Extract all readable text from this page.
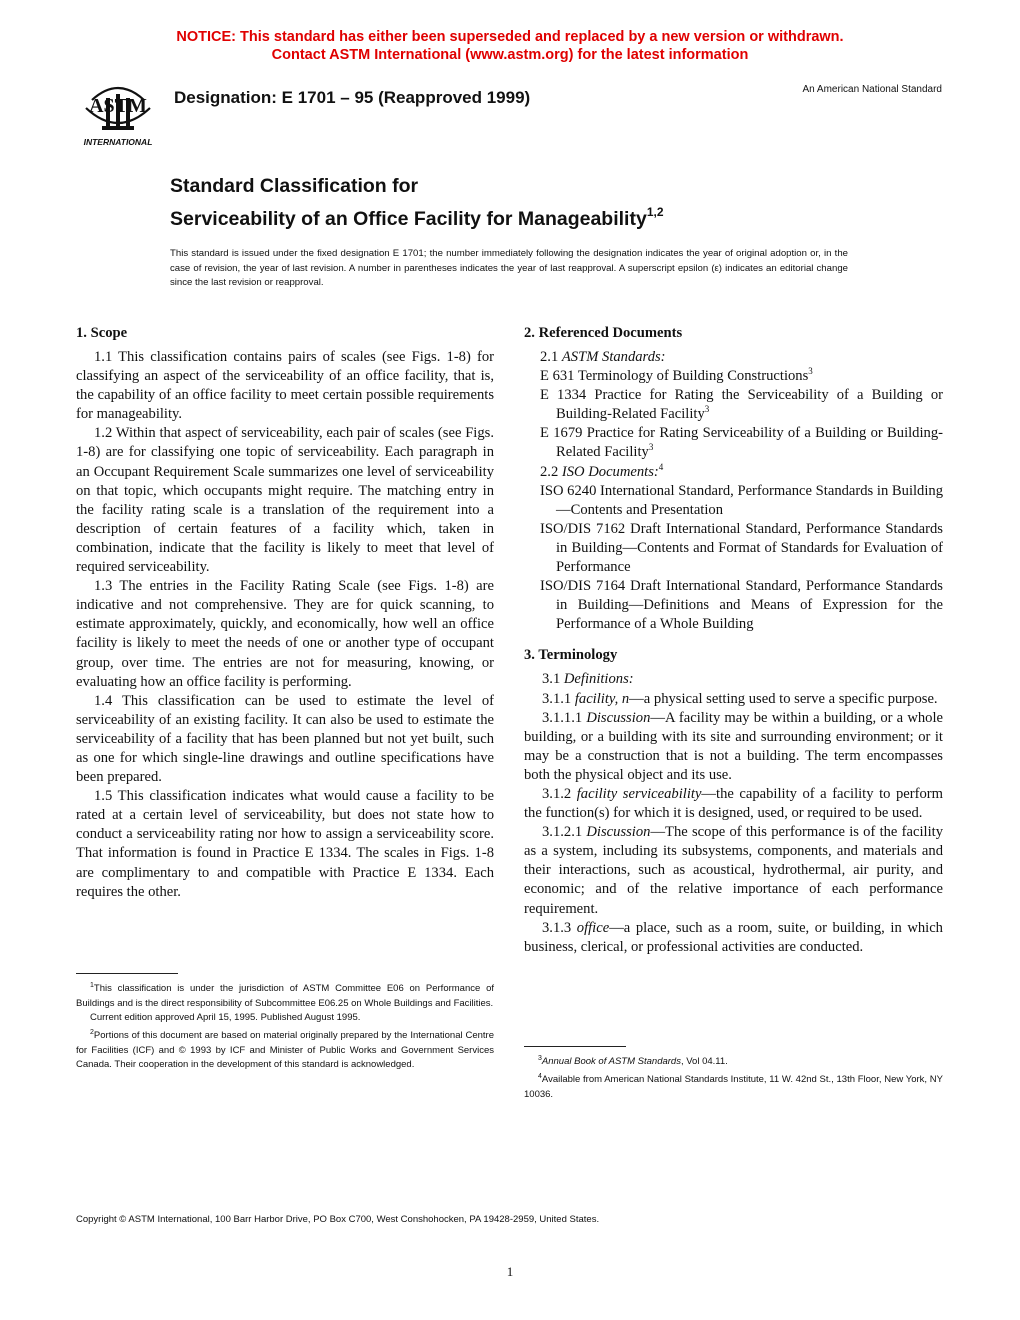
NOTICE: This standard has either been superseded and replaced by a new version or withdrawn.
Contact ASTM International (www.astm.org) for the latest information
ASTM
INTERNATIONAL
Designation: E 1701 – 95 (Reapproved 1999)	An American National Standard
Standard Classification for
Serviceability of an Office Facility for Manageability$^{1,2}$
This standard is issued under the fixed designation E 1701; the number immediately following the designation indicates the year of original adoption or, in the case of revision, the year of last revision. A number in parentheses indicates the year of last reapproval. A superscript epsilon (ε) indicates an editorial change since the last revision or reapproval.
1. Scope

1.1 This classification contains pairs of scales (see Figs. 1-8) for classifying an aspect of the serviceability of an office facility, that is, the capability of an office facility to meet certain possible requirements for manageability.

1.2 Within that aspect of serviceability, each pair of scales (see Figs. 1-8) are for classifying one topic of serviceability. Each paragraph in an Occupant Requirement Scale summarizes one level of serviceability on that topic, which occupants might require. The matching entry in the facility rating scale is a translation of the requirement into a description of certain features of a facility which, taken in combination, indicate that the facility is likely to meet that level of required serviceability.

1.3 The entries in the Facility Rating Scale (see Figs. 1-8) are indicative and not comprehensive. They are for quick scanning, to estimate approximately, quickly, and economically, how well an office facility is likely to meet the needs of one or another type of occupant group, over time. The entries are not for measuring, knowing, or evaluating how an office facility is performing.

1.4 This classification can be used to estimate the level of serviceability of an existing facility. It can also be used to estimate the serviceability of a facility that has been planned but not yet built, such as one for which single-line drawings and outline specifications have been prepared.

1.5 This classification indicates what would cause a facility to be rated at a certain level of serviceability, but does not state how to conduct a serviceability rating nor how to assign a serviceability score. That information is found in Practice E 1334. The scales in Figs. 1-8 are complimentary to and compatible with Practice E 1334. Each requires the other.

$^1$This classification is under the jurisdiction of ASTM Committee E06 on Performance of Buildings and is the direct responsibility of Subcommittee E06.25 on Whole Buildings and Facilities.

Current edition approved April 15, 1995. Published August 1995.

$^2$Portions of this document are based on material originally prepared by the International Centre for Facilities (ICF) and © 1993 by ICF and Minister of Public Works and Government Services Canada. Their cooperation in the development of this standard is acknowledged.

2. Referenced Documents

2.1 ASTM Standards:

E 631 Terminology of Building Constructions$^3$

E 1334 Practice for Rating the Serviceability of a Building or Building-Related Facility$^3$

E 1679 Practice for Rating Serviceability of a Building or Building-Related Facility$^3$

2.2 ISO Documents:$^4$

ISO 6240 International Standard, Performance Standards in Building—Contents and Presentation

ISO/DIS 7162 Draft International Standard, Performance Standards in Building—Contents and Format of Standards for Evaluation of Performance

ISO/DIS 7164 Draft International Standard, Performance Standards in Building—Definitions and Means of Expression for the Performance of a Whole Building

3. Terminology

3.1 Definitions:

3.1.1 facility, n—a physical setting used to serve a specific purpose.

3.1.1.1 Discussion—A facility may be within a building, or a whole building, or a building with its site and surrounding environment; or it may be a construction that is not a building. The term encompasses both the physical object and its use.

3.1.2 facility serviceability—the capability of a facility to perform the function(s) for which it is designed, used, or required to be used.

3.1.2.1 Discussion—The scope of this performance is of the facility as a system, including its subsystems, components, and materials and their interactions, such as acoustical, hydrothermal, air purity, and economic; and of the relative importance of each performance requirement.

3.1.3 office—a place, such as a room, suite, or building, in which business, clerical, or professional activities are conducted.

$^3$Annual Book of ASTM Standards, Vol 04.11.

$^4$Available from American National Standards Institute, 11 W. 42nd St., 13th Floor, New York, NY 10036.

Copyright © ASTM International, 100 Barr Harbor Drive, PO Box C700, West Conshohocken, PA 19428-2959, United States.
1
